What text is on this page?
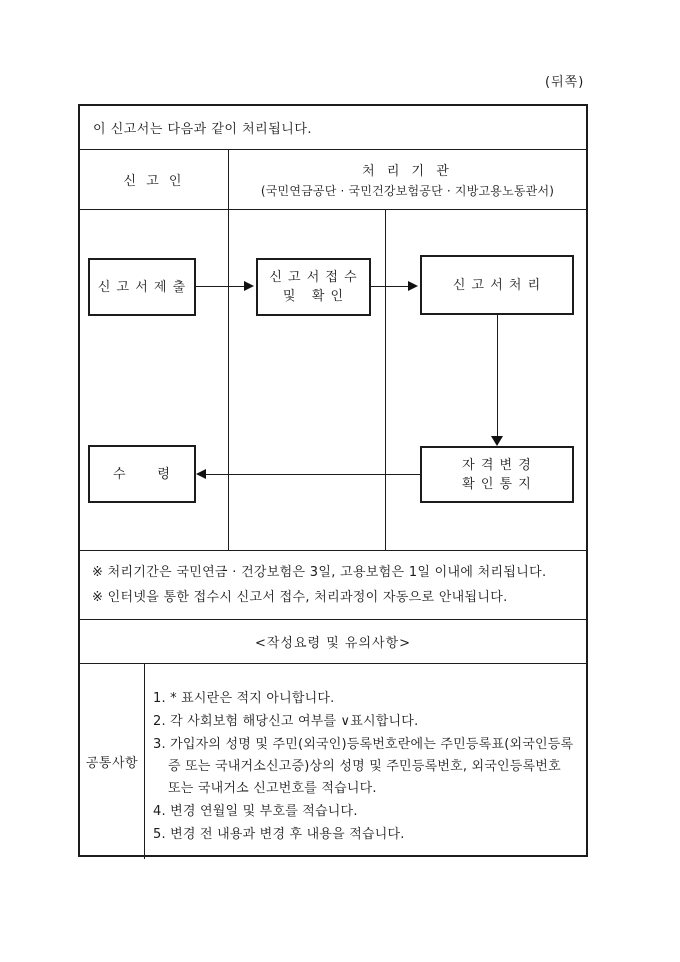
(뒤쪽)
이 신고서는 다음과 같이 처리됩니다.
신 고 인
처 리 기 관
(국민연금공단 · 국민건강보험공단 · 지방고용노동관서)
신 고 서 제 출
신 고 서 접 수
및   확 인
신 고 서 처 리
자 격 변 경
확 인 통 지
수      령
※ 처리기간은 국민연금 · 건강보험은 3일, 고용보험은 1일 이내에 처리됩니다.
※ 인터넷을 통한 접수시 신고서 접수, 처리과정이 자동으로 안내됩니다.
<작성요령 및 유의사항>
공통사항
1. * 표시란은 적지 아니합니다.
2. 각 사회보험 해당신고 여부를 ∨표시합니다.
3. 가입자의 성명 및 주민(외국인)등록번호란에는 주민등록표(외국인등록증 또는 국내거소신고증)상의 성명 및 주민등록번호, 외국인등록번호 또는 국내거소 신고번호를 적습니다.
4. 변경 연월일 및 부호를 적습니다.
5. 변경 전 내용과 변경 후 내용을 적습니다.
